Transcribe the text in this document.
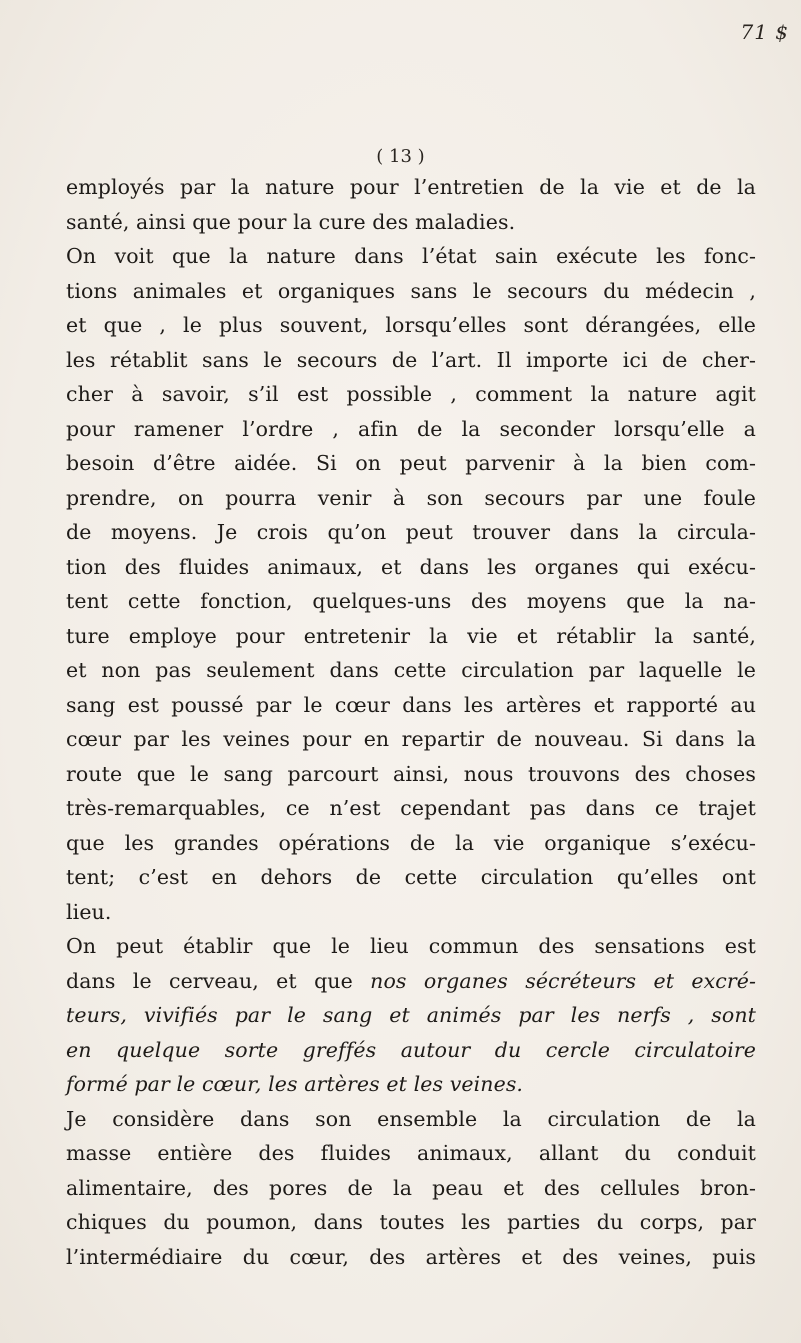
71 $
( 13 )
employés par la nature pour l’entretien de la vie et de la
santé, ainsi que pour la cure des maladies.
On voit que la nature dans l’état sain exécute les fonc-
tions animales et organiques sans le secours du médecin ,
et que , le plus souvent, lorsqu’elles sont dérangées, elle
les rétablit sans le secours de l’art. Il importe ici de cher-
cher à savoir, s’il est possible , comment la nature agit
pour ramener l’ordre , afin de la seconder lorsqu’elle a
besoin d’être aidée. Si on peut parvenir à la bien com-
prendre, on pourra venir à son secours par une foule
de moyens. Je crois qu’on peut trouver dans la circula-
tion des fluides animaux, et dans les organes qui exécu-
tent cette fonction, quelques-uns des moyens que la na-
ture employe pour entretenir la vie et rétablir la santé,
et non pas seulement dans cette circulation par laquelle le
sang est poussé par le cœur dans les artères et rapporté au
cœur par les veines pour en repartir de nouveau. Si dans la
route que le sang parcourt ainsi, nous trouvons des choses
très-remarquables, ce n’est cependant pas dans ce trajet
que les grandes opérations de la vie organique s’exécu-
tent; c’est en dehors de cette circulation qu’elles ont
lieu.
On peut établir que le lieu commun des sensations est
dans le cerveau, et que nos organes sécréteurs et excré-
teurs, vivifiés par le sang et animés par les nerfs , sont
en quelque sorte greffés autour du cercle circulatoire
formé par le cœur, les artères et les veines.
Je considère dans son ensemble la circulation de la
masse entière des fluides animaux, allant du conduit
alimentaire, des pores de la peau et des cellules bron-
chiques du poumon, dans toutes les parties du corps, par
l’intermédiaire du cœur, des artères et des veines, puis
